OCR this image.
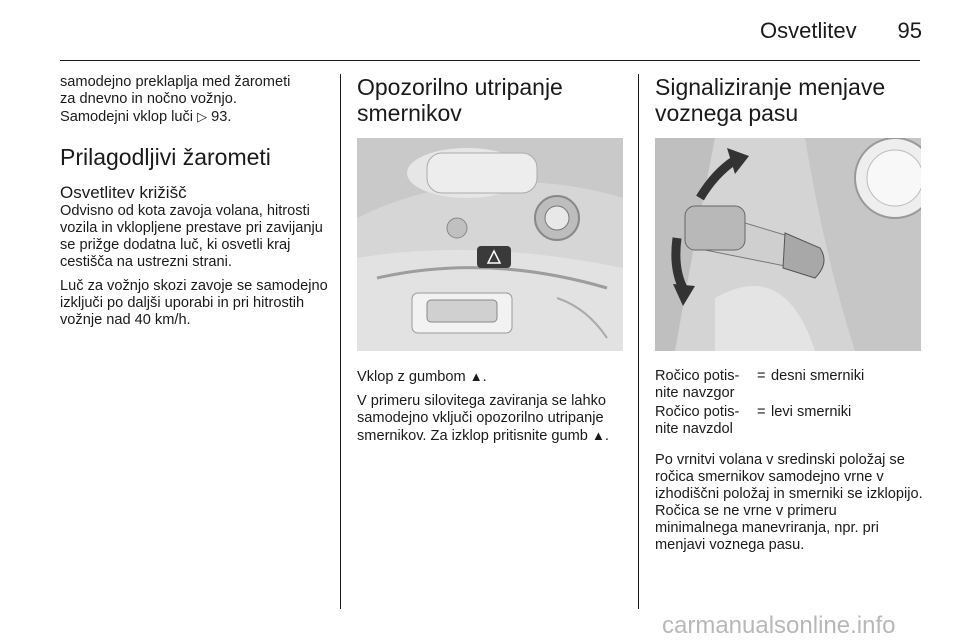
Osvetlitev	95

samodejno preklaplja med žarometi

za dnevno in nočno vožnjo.

Samodejni vklop luči ▷ 93.

Prilagodljivi žarometi
Osvetlitev križišč

Odvisno od kota zavoja volana, hitrosti vozila in vklopljene prestave pri zavijanju se prižge dodatna luč, ki osvetli kraj cestišča na ustrezni strani.

Luč za vožnjo skozi zavoje se samodejno izključi po daljši uporabi in pri hitrostih vožnje nad 40 km/h.

Opozorilno utripanje smernikov

Vklop z gumbom ▲.

V primeru silovitega zaviranja se lahko samodejno vključi opozorilno utripanje smernikov. Za izklop pritisnite gumb ▲.

Signaliziranje menjave voznega pasu
Ročico potis-nite navzgor
= desni smerniki
Ročico potis-nite navzdol
= levi smerniki

Po vrnitvi volana v sredinski položaj se ročica smernikov samodejno vrne v izhodiščni položaj in smerniki se izklopijo. Ročica se ne vrne v primeru minimalnega manevriranja, npr. pri menjavi voznega pasu.

carmanualsonline.info
